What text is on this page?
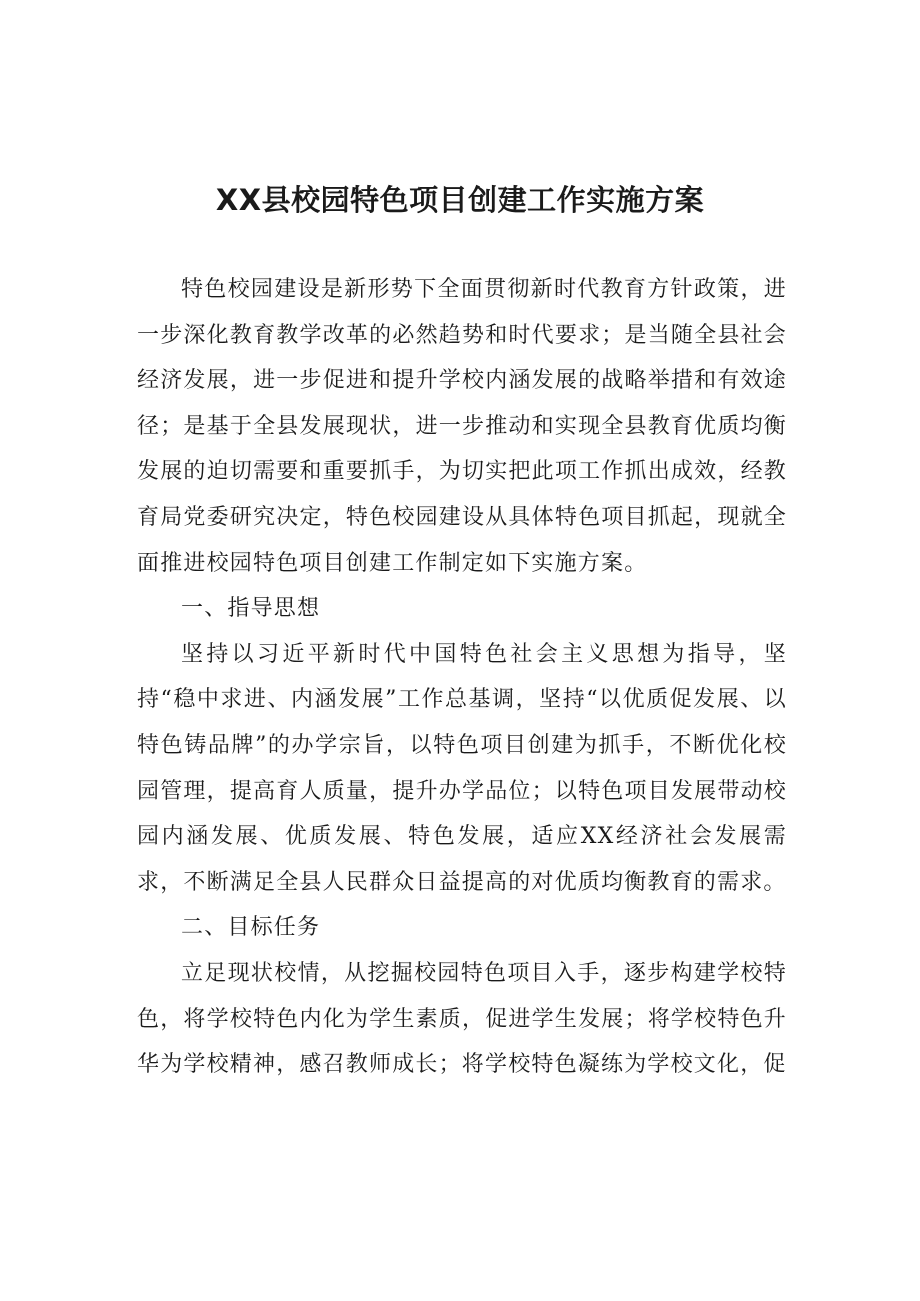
XX县校园特色项目创建工作实施方案

特色校园建设是新形势下全面贯彻新时代教育方针政策，进一步深化教育教学改革的必然趋势和时代要求；是当随全县社会经济发展，进一步促进和提升学校内涵发展的战略举措和有效途径；是基于全县发展现状，进一步推动和实现全县教育优质均衡发展的迫切需要和重要抓手，为切实把此项工作抓出成效，经教育局党委研究决定，特色校园建设从具体特色项目抓起，现就全面推进校园特色项目创建工作制定如下实施方案。

一、指导思想

坚持以习近平新时代中国特色社会主义思想为指导，坚持“稳中求进、内涵发展”工作总基调，坚持“以优质促发展、以特色铸品牌”的办学宗旨，以特色项目创建为抓手，不断优化校园管理，提高育人质量，提升办学品位；以特色项目发展带动校园内涵发展、优质发展、特色发展，适应XX经济社会发展需求，不断满足全县人民群众日益提高的对优质均衡教育的需求。

二、目标任务

立足现状校情，从挖掘校园特色项目入手，逐步构建学校特色，将学校特色内化为学生素质，促进学生发展；将学校特色升华为学校精神，感召教师成长；将学校特色凝练为学校文化，促
